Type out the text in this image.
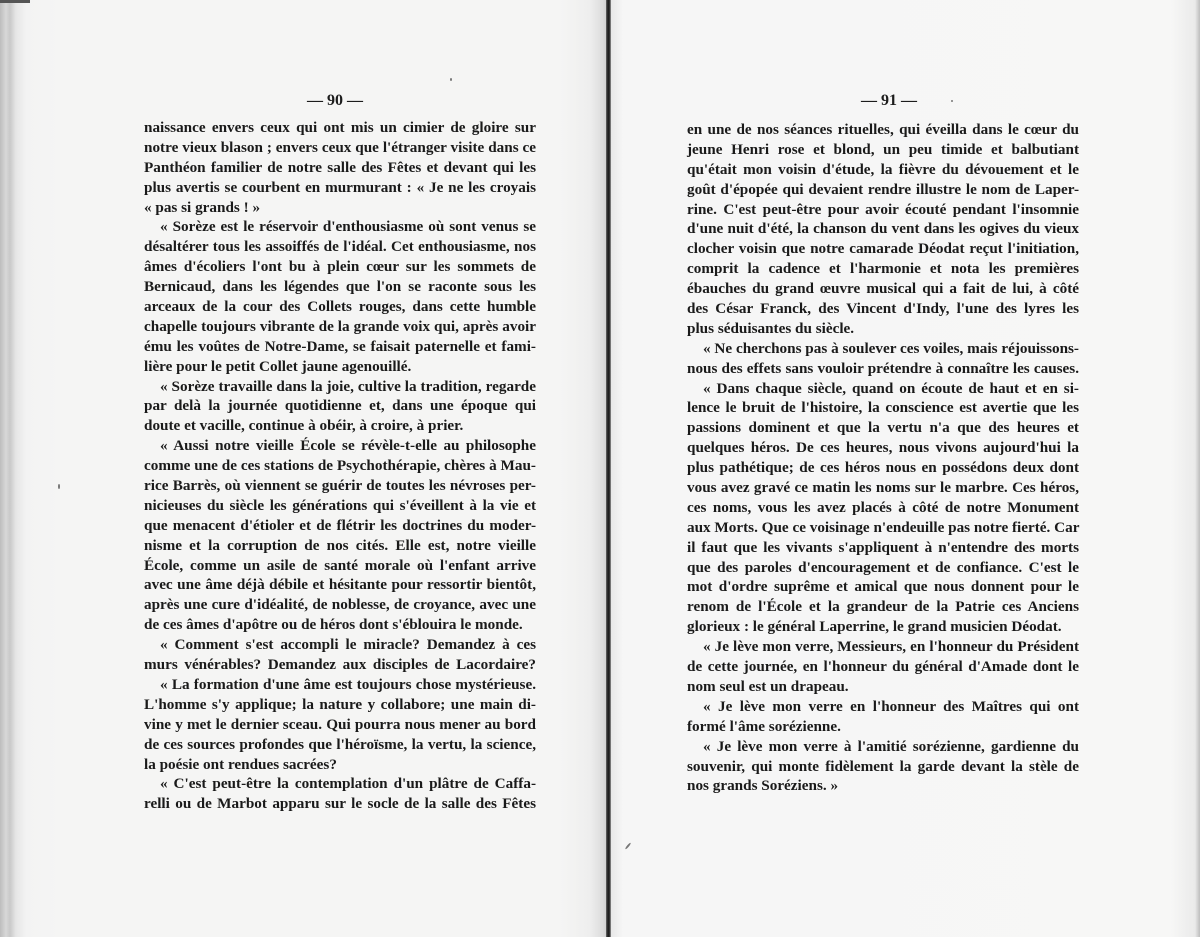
— 90 —
naissance envers ceux qui ont mis un cimier de gloire sur
notre vieux blason ; envers ceux que l'étranger visite dans ce
Panthéon familier de notre salle des Fêtes et devant qui les
plus avertis se courbent en murmurant : « Je ne les croyais
« pas si grands ! »
« Sorèze est le réservoir d'enthousiasme où sont venus se
désaltérer tous les assoiffés de l'idéal. Cet enthousiasme, nos
âmes d'écoliers l'ont bu à plein cœur sur les sommets de
Bernicaud, dans les légendes que l'on se raconte sous les
arceaux de la cour des Collets rouges, dans cette humble
chapelle toujours vibrante de la grande voix qui, après avoir
ému les voûtes de Notre-Dame, se faisait paternelle et fami-
lière pour le petit Collet jaune agenouillé.
« Sorèze travaille dans la joie, cultive la tradition, regarde
par delà la journée quotidienne et, dans une époque qui
doute et vacille, continue à obéir, à croire, à prier.
« Aussi notre vieille École se révèle-t-elle au philosophe
comme une de ces stations de Psychothérapie, chères à Mau-
rice Barrès, où viennent se guérir de toutes les névroses per-
nicieuses du siècle les générations qui s'éveillent à la vie et
que menacent d'étioler et de flétrir les doctrines du moder-
nisme et la corruption de nos cités. Elle est, notre vieille
École, comme un asile de santé morale où l'enfant arrive
avec une âme déjà débile et hésitante pour ressortir bientôt,
après une cure d'idéalité, de noblesse, de croyance, avec une
de ces âmes d'apôtre ou de héros dont s'éblouira le monde.
« Comment s'est accompli le miracle? Demandez à ces
murs vénérables? Demandez aux disciples de Lacordaire?
« La formation d'une âme est toujours chose mystérieuse.
L'homme s'y applique; la nature y collabore; une main di-
vine y met le dernier sceau. Qui pourra nous mener au bord
de ces sources profondes que l'héroïsme, la vertu, la science,
la poésie ont rendues sacrées?
« C'est peut-être la contemplation d'un plâtre de Caffa-
relli ou de Marbot apparu sur le socle de la salle des Fêtes
— 91 —
en une de nos séances rituelles, qui éveilla dans le cœur du
jeune Henri rose et blond, un peu timide et balbutiant
qu'était mon voisin d'étude, la fièvre du dévouement et le
goût d'épopée qui devaient rendre illustre le nom de Laper-
rine. C'est peut-être pour avoir écouté pendant l'insomnie
d'une nuit d'été, la chanson du vent dans les ogives du vieux
clocher voisin que notre camarade Déodat reçut l'initiation,
comprit la cadence et l'harmonie et nota les premières
ébauches du grand œuvre musical qui a fait de lui, à côté
des César Franck, des Vincent d'Indy, l'une des lyres les
plus séduisantes du siècle.
« Ne cherchons pas à soulever ces voiles, mais réjouissons-
nous des effets sans vouloir prétendre à connaître les causes.
« Dans chaque siècle, quand on écoute de haut et en si-
lence le bruit de l'histoire, la conscience est avertie que les
passions dominent et que la vertu n'a que des heures et
quelques héros. De ces heures, nous vivons aujourd'hui la
plus pathétique; de ces héros nous en possédons deux dont
vous avez gravé ce matin les noms sur le marbre. Ces héros,
ces noms, vous les avez placés à côté de notre Monument
aux Morts. Que ce voisinage n'endeuille pas notre fierté. Car
il faut que les vivants s'appliquent à n'entendre des morts
que des paroles d'encouragement et de confiance. C'est le
mot d'ordre suprême et amical que nous donnent pour le
renom de l'École et la grandeur de la Patrie ces Anciens
glorieux : le général Laperrine, le grand musicien Déodat.
« Je lève mon verre, Messieurs, en l'honneur du Président
de cette journée, en l'honneur du général d'Amade dont le
nom seul est un drapeau.
« Je lève mon verre en l'honneur des Maîtres qui ont
formé l'âme sorézienne.
« Je lève mon verre à l'amitié sorézienne, gardienne du
souvenir, qui monte fidèlement la garde devant la stèle de
nos grands Soréziens. »
